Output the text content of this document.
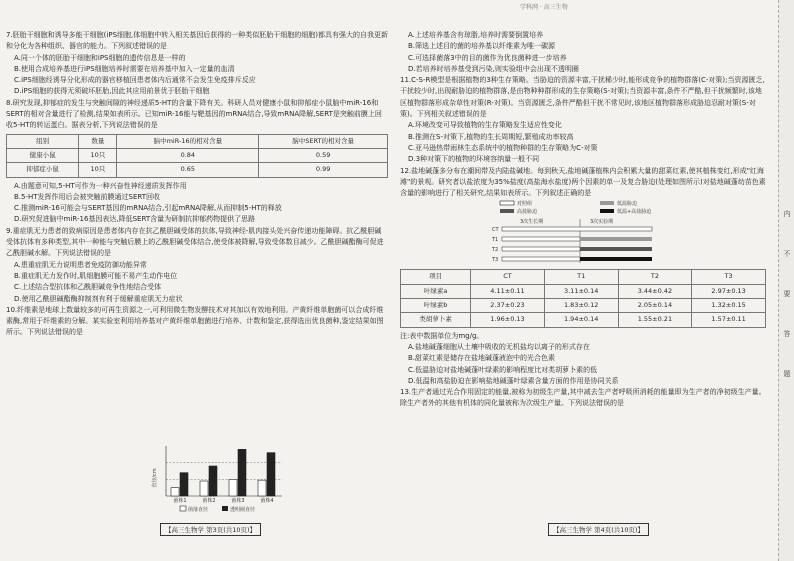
学科网 · 高三生物

7.胚胎干细胞和诱导多能干细胞(iPS细胞,体细胞中转入相关基因后获得的一种类似胚胎干细胞的细胞)都具有强大的自我更新和分化为各种组织、器官的能力。下列叙述错误的是

A.同一个体的胚胎干细胞和iPS细胞的遗传信息是一样的

B.使用合成培养基进行iPS细胞培养时需要在培养基中加入一定量的血清

C.iPS细胞经诱导分化形成的器官移植回患者体内后通常不会发生免疫排斥反应

D.iPS细胞的获得无须破坏胚胎,因此其应用前景优于胚胎干细胞

8.研究发现,抑郁症的发生与突触间隙的神经递质5-HT的含量下降有关。科研人员对健康小鼠和抑郁症小鼠脑中miR-16和SERT的相对含量进行了检测,结果如表所示。已知miR-16能与靶基因的mRNA结合,导致mRNA降解,SERT是突触前膜上回收5-HT的转运蛋白。据表分析,下列说法错误的是

组别	数量	脑中miR-16的相对含量	脑中SERT的相对含量
健康小鼠	10只	0.84	0.59
抑郁症小鼠	10只	0.65	0.99

A.由题意可知,5-HT可作为一种兴奋性神经递质发挥作用

B.5-HT发挥作用后会被突触前膜通过SERT回收

C.推测miR-16可能会与SERT基因的mRNA结合,引起mRNA降解,从而抑制5-HT的释放

D.研究促进脑中miR-16基因表达,降低SERT含量为研制抗抑郁药物提供了思路

9.重症肌无力患者的致病原因是患者体内存在抗乙酰胆碱受体的抗体,导致神经-肌肉接头处兴奋传递功能障碍。抗乙酰胆碱受体抗体有多种类型,其中一种能与突触后膜上的乙酰胆碱受体结合,使受体被降解,导致受体数目减少。乙酰胆碱酯酶可促进乙酰胆碱水解。下列说法错误的是

A.患重症肌无力说明患者免疫防御功能异常

B.重症肌无力发作时,肌细胞膜可能不易产生动作电位

C.上述结合型抗体和乙酰胆碱竞争性地结合受体

D.使用乙酰胆碱酯酶抑制剂有利于缓解重症肌无力症状

10.纤维素是地球上数量较多的可再生资源之一,可利用微生物发酵技术对其加以有效地利用。产黄纤维单胞菌可以合成纤维素酶,常用于纤维素的分解。某实验室利用培养基对产黄纤维单胞菌进行培养、计数和鉴定,获得选出优良菌种,鉴定结果如图所示。下列说法错误的是

直径/cm
菌株1	菌株2	菌株3	菌株4
菌落直径	透明圈直径
【高三生物学 第3页(共10页)】

A.上述培养基含有琼脂,培养时需要倒置培养

B.筛选上述目的菌的培养基以纤维素为唯一碳源

C.可选择菌落3中的目的菌作为优良菌种进一步培养

D.若培养时培养基受到污染,则实验组中会出现不透明圈

11.C-S-R模型是根据植物的3种生存策略。当胁迫的资源丰富,干扰稀少时,能形成竞争的植物群落(C-对策);当资源匮乏,干扰较少时,出现耐胁迫的植物群落,是由物种种群形成的生存策略(S-对策);当资源丰富,条件不严酷,但干扰频繁时,该地区植物群落形成杂草性对策(R-对策)。当资源匮乏,条件严酷但干扰不常见时,该地区植物群落形成胁迫忍耐对策(S-对策)。下列相关叙述错误的是

A.环境改变可导致植物的生存策略发生适应性变化

B.推测在S-对策下,植物的生长周期短,繁殖成功率较高

C.亚马逊热带雨林生态系统中的植物种群的生存策略为C-对策

D.3种对策下的植物的环境容纳量一般不同

12.盐地碱蓬多分布在潮间带及内陆盐碱地。每到秋天,盐地碱蓬植株内会积累大量的甜菜红素,使其植株变红,形成"红海滩"的景观。研究者以盐浓度为35%盐度(高盐海水盐度)两个因素的单一及复合胁迫(处理如图所示)对盐地碱蓬幼苗色素含量的影响进行了相关研究,结果如表所示。下列叙述正确的是

对照组	低温胁迫
高盐胁迫	低温+高盐胁迫
3次生长期	3次实验期
CT
T1
T2
T3
项目	CT	T1	T2	T3
叶绿素a	4.11±0.11	3.11±0.14	3.44±0.42	2.97±0.13
叶绿素b	2.37±0.23	1.83±0.12	2.05±0.14	1.32±0.15
类胡萝卜素	1.96±0.13	1.94±0.14	1.55±0.21	1.57±0.11

注:表中数据单位为mg/g。

A.盐地碱蓬细胞从土壤中吸收的无机盐均以离子的形式存在

B.甜菜红素是储存在盐地碱蓬液泡中的光合色素

C.低温胁迫对盐地碱蓬叶绿素的影响程度比对类胡萝卜素的低

D.低温和高盐胁迫在影响盐地碱蓬叶绿素含量方面的作用是协同关系

13.生产者通过光合作用固定的能量,被称为初级生产量,其中减去生产者呼吸所消耗的能量即为生产者的净初级生产量。除生产者外的其他有机体的同化量被称为次级生产量。下列说法错误的是

【高三生物学 第4页(共10页)】
内
不
要
答
题
